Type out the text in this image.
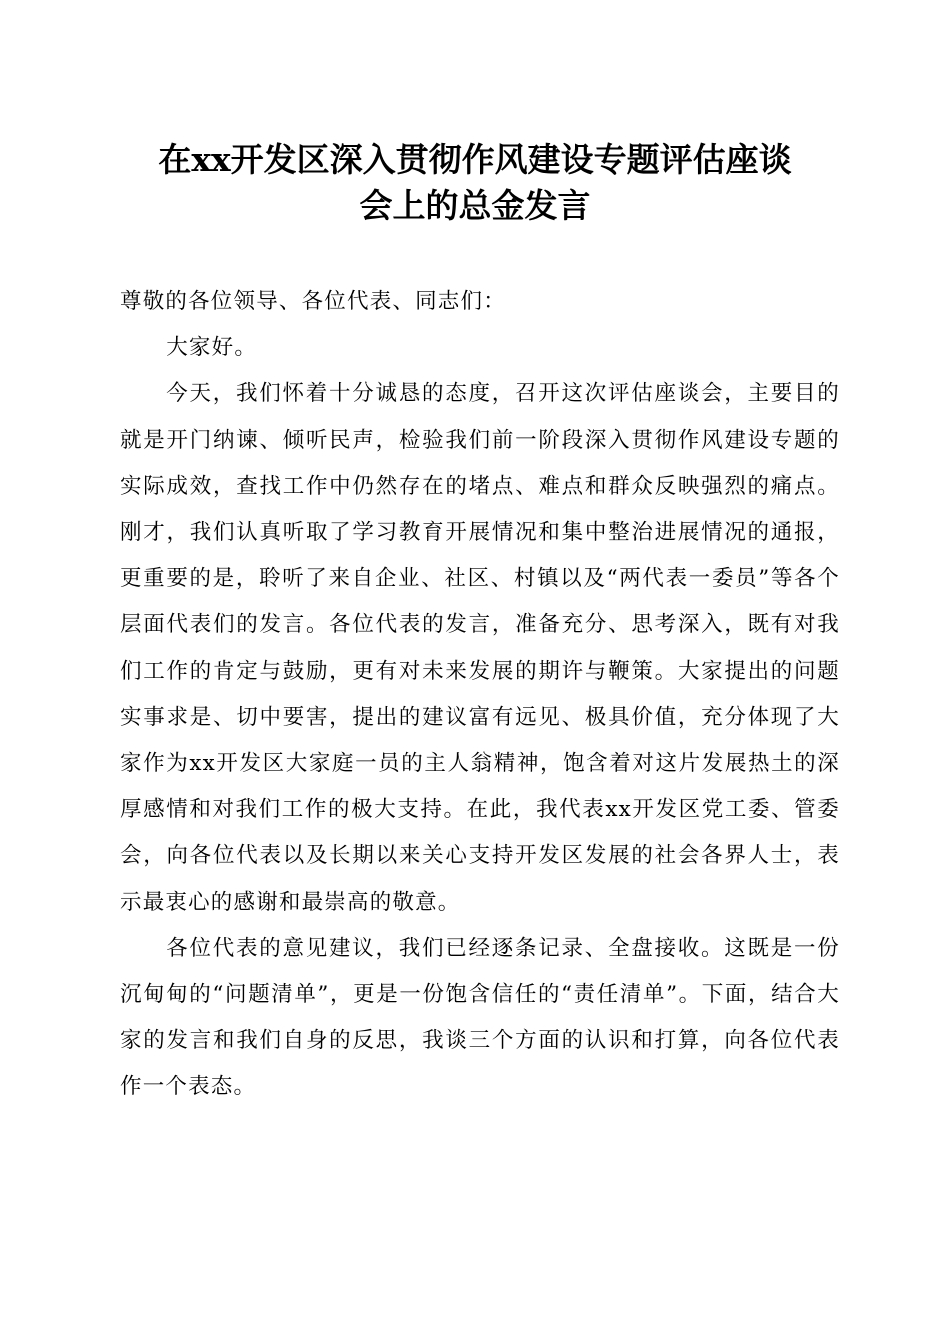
在xx开发区深入贯彻作风建设专题评估座谈
会上的总金发言

尊敬的各位领导、各位代表、同志们：

大家好。

今天，我们怀着十分诚恳的态度，召开这次评估座谈会，主要目的就是开门纳谏、倾听民声，检验我们前一阶段深入贯彻作风建设专题的实际成效，查找工作中仍然存在的堵点、难点和群众反映强烈的痛点。刚才，我们认真听取了学习教育开展情况和集中整治进展情况的通报，更重要的是，聆听了来自企业、社区、村镇以及“两代表一委员”等各个层面代表们的发言。各位代表的发言，准备充分、思考深入，既有对我们工作的肯定与鼓励，更有对未来发展的期许与鞭策。大家提出的问题实事求是、切中要害，提出的建议富有远见、极具价值，充分体现了大家作为xx开发区大家庭一员的主人翁精神，饱含着对这片发展热土的深厚感情和对我们工作的极大支持。在此，我代表xx开发区党工委、管委会，向各位代表以及长期以来关心支持开发区发展的社会各界人士，表示最衷心的感谢和最崇高的敬意。

各位代表的意见建议，我们已经逐条记录、全盘接收。这既是一份沉甸甸的“问题清单”，更是一份饱含信任的“责任清单”。下面，结合大家的发言和我们自身的反思，我谈三个方面的认识和打算，向各位代表作一个表态。
